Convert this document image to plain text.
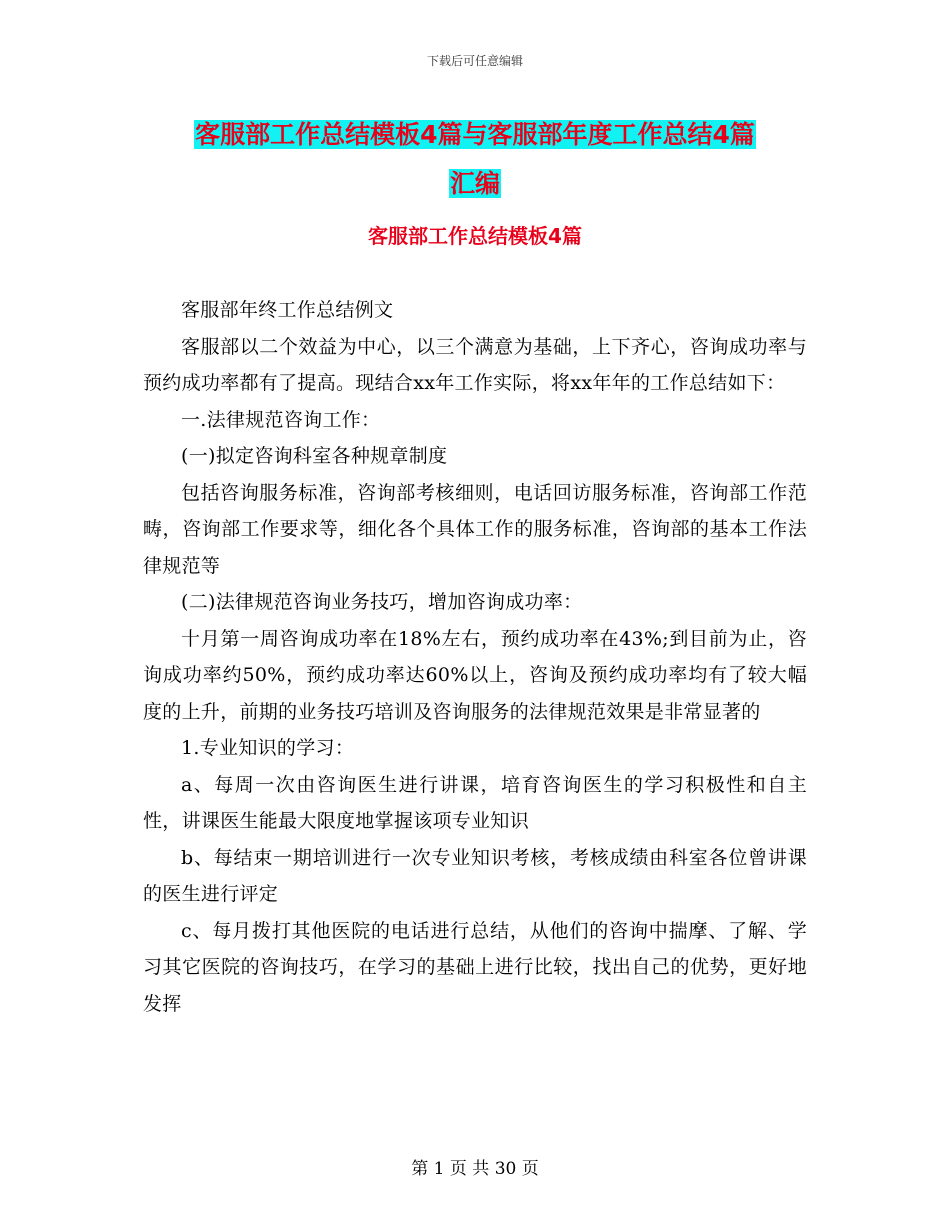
下载后可任意编辑
客服部工作总结模板4篇与客服部年度工作总结4篇
汇编
客服部工作总结模板4篇

客服部年终工作总结例文

客服部以二个效益为中心，以三个满意为基础，上下齐心，咨询成功率与预约成功率都有了提高。现结合xx年工作实际，将xx年年的工作总结如下：

一.法律规范咨询工作：

(一)拟定咨询科室各种规章制度

包括咨询服务标准，咨询部考核细则，电话回访服务标准，咨询部工作范畴，咨询部工作要求等，细化各个具体工作的服务标准，咨询部的基本工作法律规范等

(二)法律规范咨询业务技巧，增加咨询成功率：

十月第一周咨询成功率在18%左右，预约成功率在43%;到目前为止，咨询成功率约50%，预约成功率达60%以上，咨询及预约成功率均有了较大幅度的上升，前期的业务技巧培训及咨询服务的法律规范效果是非常显著的

1.专业知识的学习：

a、每周一次由咨询医生进行讲课，培育咨询医生的学习积极性和自主性，讲课医生能最大限度地掌握该项专业知识

b、每结束一期培训进行一次专业知识考核，考核成绩由科室各位曾讲课的医生进行评定

c、每月拨打其他医院的电话进行总结，从他们的咨询中揣摩、了解、学习其它医院的咨询技巧，在学习的基础上进行比较，找出自己的优势，更好地发挥

第 1 页 共 30 页
